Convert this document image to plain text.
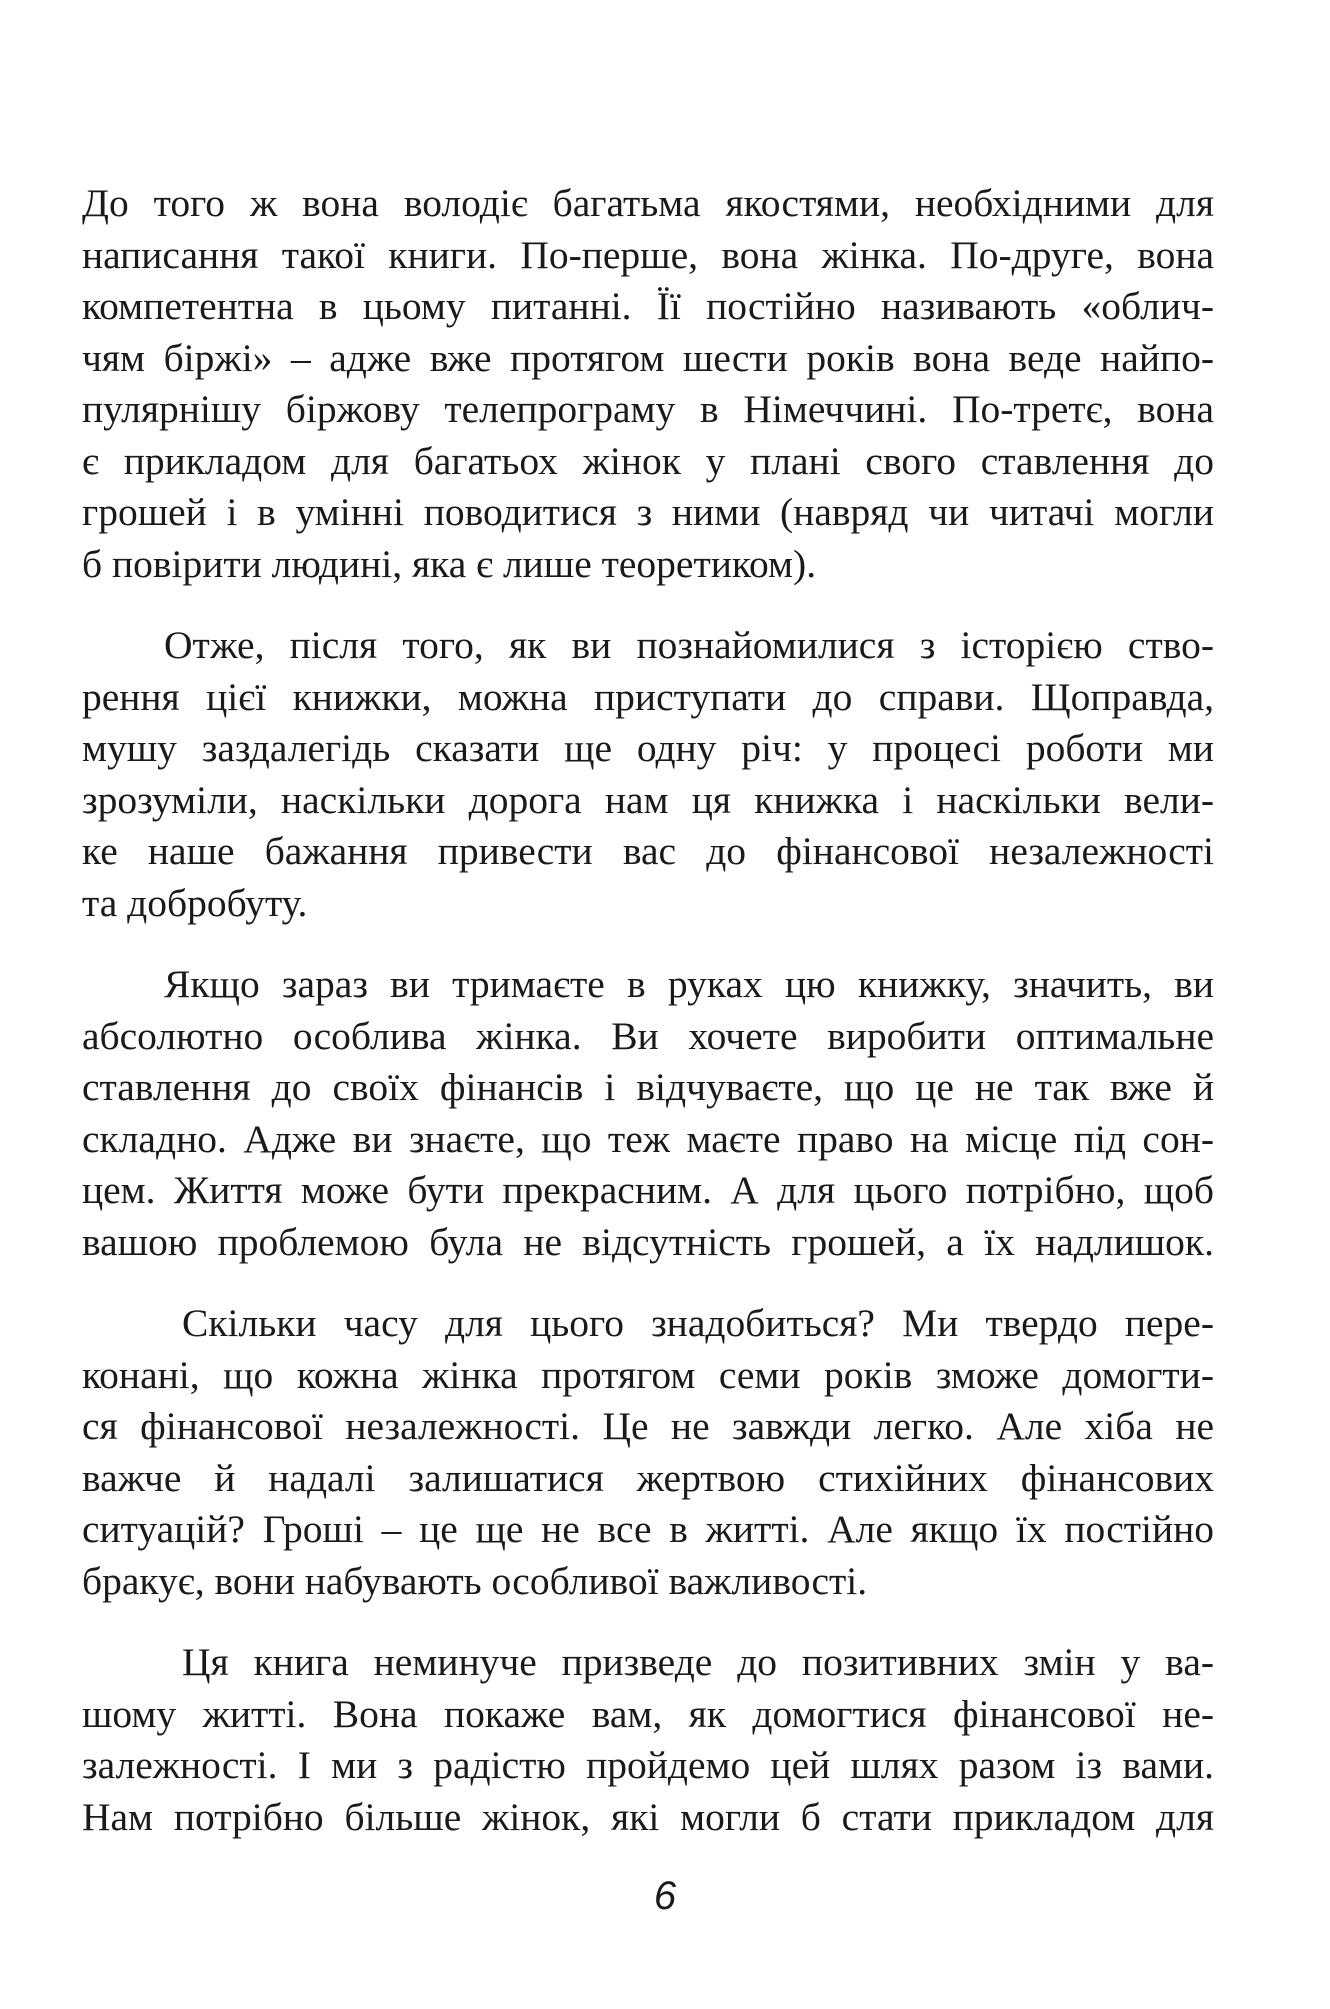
До того ж вона володіє багатьма якостями, необхідними для
написання такої книги. По-перше, вона жінка. По-друге, вона
компетентна в цьому питанні. Її постійно називають «облич-
чям біржі» – адже вже протягом шести років вона веде найпо-
пулярнішу біржову телепрограму в Німеччині. По-третє, вона
є прикладом для багатьох жінок у плані свого ставлення до
грошей і в умінні поводитися з ними (навряд чи читачі могли
б повірити людині, яка є лише теоретиком).

Отже, після того, як ви познайомилися з історією ство-
рення цієї книжки, можна приступати до справи. Щоправда,
мушу заздалегідь сказати ще одну річ: у процесі роботи ми
зрозуміли, наскільки дорога нам ця книжка і наскільки вели-
ке наше бажання привести вас до фінансової незалежності
та добробуту.

Якщо зараз ви тримаєте в руках цю книжку, значить, ви
абсолютно особлива жінка. Ви хочете виробити оптимальне
ставлення до своїх фінансів і відчуваєте, що це не так вже й
складно. Адже ви знаєте, що теж маєте право на місце під сон-
цем. Життя може бути прекрасним. А для цього потрібно, щоб
вашою проблемою була не відсутність грошей, а їх надлишок.

Скільки часу для цього знадобиться? Ми твердо пере-
конані, що кожна жінка протягом семи років зможе домогти-
ся фінансової незалежності. Це не завжди легко. Але хіба не
важче й надалі залишатися жертвою стихійних фінансових
ситуацій? Гроші – це ще не все в житті. Але якщо їх постійно
бракує, вони набувають особливої важливості.

Ця книга неминуче призведе до позитивних змін у ва-
шому житті. Вона покаже вам, як домогтися фінансової не-
залежності. І ми з радістю пройдемо цей шлях разом із вами.
Нам потрібно більше жінок, які могли б стати прикладом для

6
